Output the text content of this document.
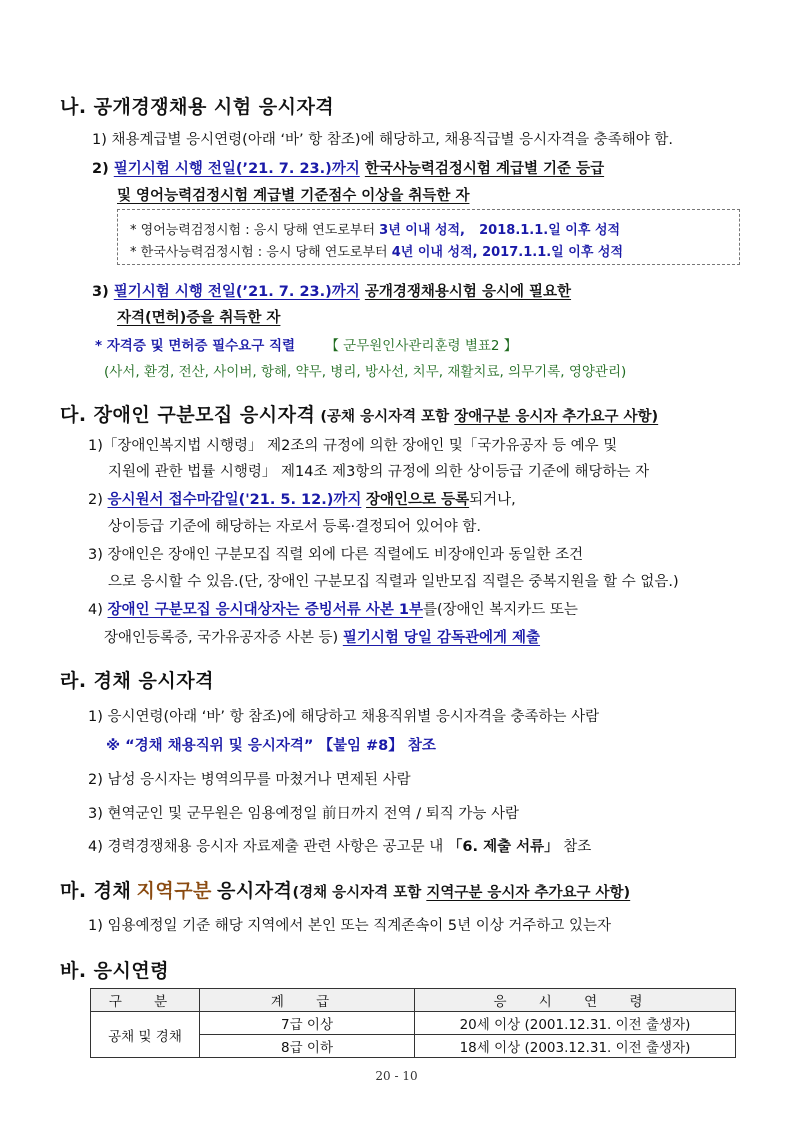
나. 공개경쟁채용 시험 응시자격
1) 채용계급별 응시연령(아래 ‘바’ 항 참조)에 해당하고, 채용직급별 응시자격을 충족해야 함.
2) 필기시험 시행 전일(’21. 7. 23.)까지 한국사능력검정시험 계급별 기준 등급
및 영어능력검정시험 계급별 기준점수 이상을 취득한 자
* 영어능력검정시험 : 응시 당해 연도로부터 3년 이내 성적, 2018.1.1.일 이후 성적
* 한국사능력검정시험 : 응시 당해 연도로부터 4년 이내 성적, 2017.1.1.일 이후 성적
3) 필기시험 시행 전일(’21. 7. 23.)까지 공개경쟁채용시험 응시에 필요한
자격(면허)증을 취득한 자
* 자격증 및 면허증 필수요구 직렬 【 군무원인사관리훈령 별표2 】
(사서, 환경, 전산, 사이버, 항해, 약무, 병리, 방사선, 치무, 재활치료, 의무기록, 영양관리)
다. 장애인 구분모집 응시자격 (공채 응시자격 포함 장애구분 응시자 추가요구 사항)
1)「장애인복지법 시행령」 제2조의 규정에 의한 장애인 및「국가유공자 등 예우 및
지원에 관한 법률 시행령」 제14조 제3항의 규정에 의한 상이등급 기준에 해당하는 자
2) 응시원서 접수마감일('21. 5. 12.)까지 장애인으로 등록되거나,
상이등급 기준에 해당하는 자로서 등록·결정되어 있어야 함.
3) 장애인은 장애인 구분모집 직렬 외에 다른 직렬에도 비장애인과 동일한 조건
으로 응시할 수 있음.(단, 장애인 구분모집 직렬과 일반모집 직렬은 중복지원을 할 수 없음.)
4) 장애인 구분모집 응시대상자는 증빙서류 사본 1부를(장애인 복지카드 또는
장애인등록증, 국가유공자증 사본 등) 필기시험 당일 감독관에게 제출
라. 경채 응시자격
1) 응시연령(아래 ‘바’ 항 참조)에 해당하고 채용직위별 응시자격을 충족하는 사람
※ “경채 채용직위 및 응시자격” 【붙임 #8】 참조
2) 남성 응시자는 병역의무를 마쳤거나 면제된 사람
3) 현역군인 및 군무원은 임용예정일 前日까지 전역 / 퇴직 가능 사람
4) 경력경쟁채용 응시자 자료제출 관련 사항은 공고문 내 「6. 제출 서류」 참조
마. 경채 지역구분 응시자격(경채 응시자격 포함 지역구분 응시자 추가요구 사항)
1) 임용예정일 기준 해당 지역에서 본인 또는 직계존속이 5년 이상 거주하고 있는자
바. 응시연령
구 분	계 급	응 시 연 령
공채 및 경채	7급 이상	20세 이상 (2001.12.31. 이전 출생자)
	8급 이하	18세 이상 (2003.12.31. 이전 출생자)
20 - 10
